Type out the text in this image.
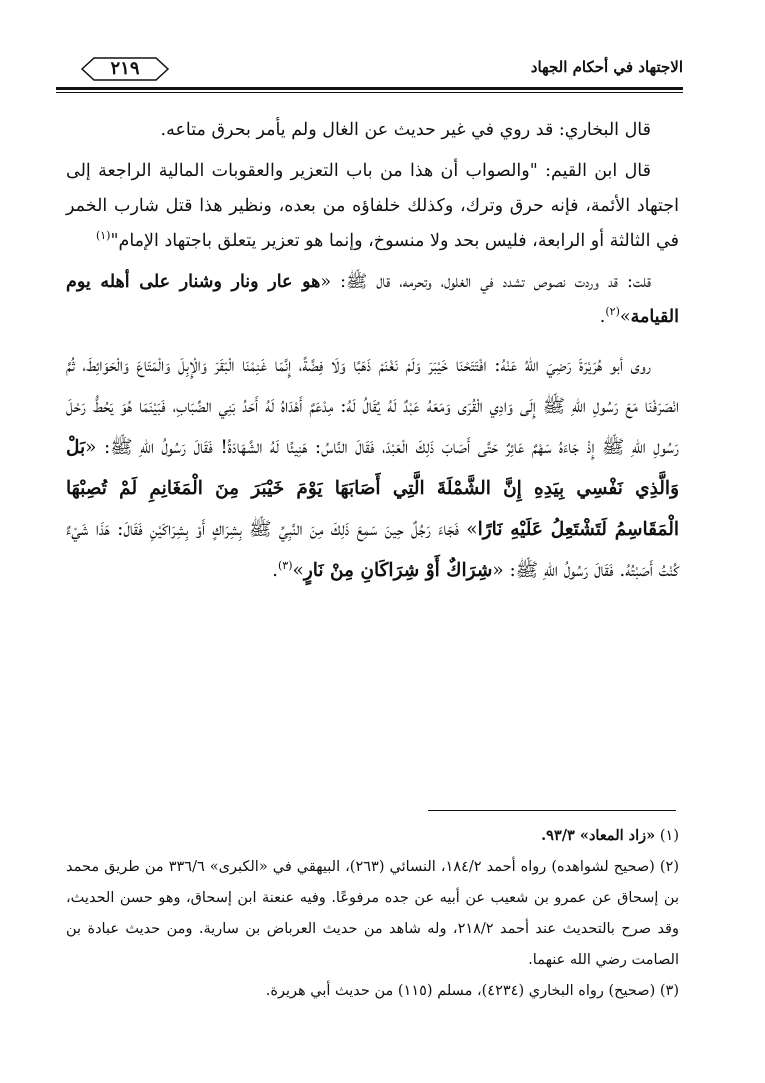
الاجتهاد في أحكام الجهاد
٢١٩

قال البخاري: قد روي في غير حديث عن الغال ولم يأمر بحرق متاعه.

قال ابن القيم: "والصواب أن هذا من باب التعزير والعقوبات المالية الراجعة إلى اجتهاد الأئمة، فإنه حرق وترك، وكذلك خلفاؤه من بعده، ونظير هذا قتل شارب الخمر في الثالثة أو الرابعة، فليس بحد ولا منسوخ، وإنما هو تعزير يتعلق باجتهاد الإمام"$^{(١)}$

قلت: قد وردت نصوص تشدد في الغلول، وتحرمه، قال ﷺ: «هو عار ونار وشنار على أهله يوم القيامة»$^{(٢)}$.

روى أبو هُرَيْرَةَ رَضِيَ اللهُ عَنْهُ: افْتَتَحْنَا خَيْبَرَ وَلَمْ نَغْنَمْ ذَهَبًا وَلَا فِضَّةً، إِنَّمَا غَنِمْنَا الْبَقَرَ وَالْإِبِلَ وَالْمَتَاعَ وَالْحَوَائِطَ، ثُمَّ انْصَرَفْنَا مَعَ رَسُولِ اللهِ ﷺ إِلَى وَادِي الْقُرَى وَمَعَهُ عَبْدٌ لَهُ يُقَالُ لَهُ: مِدْعَمٌ أَهْدَاهُ لَهُ أَحَدُ بَنِي الضِّبَابِ، فَبَيْنَمَا هُوَ يَحُطُّ رَحْلَ رَسُولِ اللهِ ﷺ إِذْ جَاءَهُ سَهْمٌ عَائِرٌ حَتَّى أَصَابَ ذَلِكَ الْعَبْدَ، فَقَالَ النَّاسُ: هَنِيئًا لَهُ الشَّهَادَةُ! فَقَالَ رَسُولُ اللهِ ﷺ: «بَلْ وَالَّذِي نَفْسِي بِيَدِهِ إِنَّ الشَّمْلَةَ الَّتِي أَصَابَهَا يَوْمَ خَيْبَرَ مِنَ الْمَغَانِمِ لَمْ تُصِبْهَا الْمَقَاسِمُ لَتَشْتَعِلُ عَلَيْهِ نَارًا» فَجَاءَ رَجُلٌ حِينَ سَمِعَ ذَلِكَ مِنَ النَّبِيِّ ﷺ بِشِرَاكٍ أَوْ بِشِرَاكَيْنِ فَقَالَ: هَذَا شَيْءٌ كُنْتُ أَصَبْتُهُ. فَقَالَ رَسُولُ اللهِ ﷺ: «شِرَاكٌ أَوْ شِرَاكَانِ مِنْ نَارٍ»$^{(٣)}$.

(١) «زاد المعاد» ٩٣/٣.

(٢) (صحيح لشواهده) رواه أحمد ١٨٤/٢، النسائي (٢٦٣)، البيهقي في «الكبرى» ٣٣٦/٦ من طريق محمد بن إسحاق عن عمرو بن شعيب عن أبيه عن جده مرفوعًا. وفيه عنعنة ابن إسحاق، وهو حسن الحديث، وقد صرح بالتحديث عند أحمد ٢١٨/٢، وله شاهد من حديث العرباض بن سارية. ومن حديث عبادة بن الصامت رضي الله عنهما.

(٣) (صحيح) رواه البخاري (٤٢٣٤)، مسلم (١١٥) من حديث أبي هريرة.
